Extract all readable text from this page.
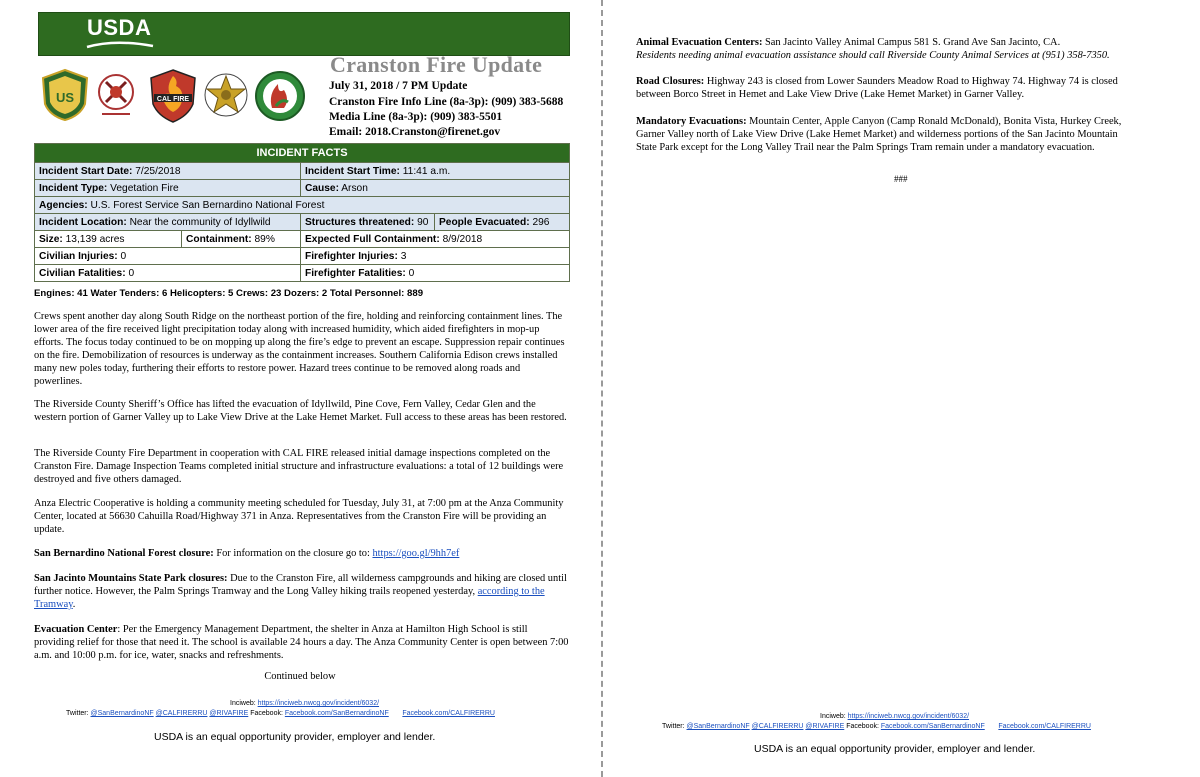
USDA
US	CAL FIRE
Cranston Fire Update
July 31, 2018 / 7 PM Update
Cranston Fire Info Line (8a-3p): (909) 383-5688
Media Line (8a-3p): (909) 383-5501
Email: 2018.Cranston@firenet.gov
INCIDENT FACTS			
Incident Start Date: 7/25/2018		Incident Start Time: 11:41 a.m.	
Incident Type: Vegetation Fire		Cause: Arson	
Agencies: U.S. Forest Service San Bernardino National Forest			
Incident Location: Near the community of Idyllwild		Structures threatened: 90	People Evacuated: 296
Size: 13,139 acres	Containment: 89%	Expected Full Containment: 8/9/2018	
Civilian Injuries: 0		Firefighter Injuries: 3	
Civilian Fatalities: 0		Firefighter Fatalities: 0	
Engines: 41 Water Tenders: 6 Helicopters: 5 Crews: 23 Dozers: 2 Total Personnel: 889

Crews spent another day along South Ridge on the northeast portion of the fire, holding and reinforcing containment lines. The lower area of the fire received light precipitation today along with increased humidity, which aided firefighters in mop-up efforts. The focus today continued to be on mopping up along the fire’s edge to prevent an escape. Suppression repair continues on the fire. Demobilization of resources is underway as the containment increases. Southern California Edison crews installed many new poles today, furthering their efforts to restore power. Hazard trees continue to be removed along roads and powerlines.

The Riverside County Sheriff’s Office has lifted the evacuation of Idyllwild, Pine Cove, Fern Valley, Cedar Glen and the western portion of Garner Valley up to Lake View Drive at the Lake Hemet Market. Full access to these areas has been restored.

The Riverside County Fire Department in cooperation with CAL FIRE released initial damage inspections completed on the Cranston Fire. Damage Inspection Teams completed initial structure and infrastructure evaluations: a total of 12 buildings were destroyed and five others damaged.

Anza Electric Cooperative is holding a community meeting scheduled for Tuesday, July 31, at 7:00 pm at the Anza Community Center, located at 56630 Cahuilla Road/Highway 371 in Anza. Representatives from the Cranston Fire will be providing an update.

San Bernardino National Forest closure: For information on the closure go to: https://goo.gl/9hh7ef

San Jacinto Mountains State Park closures: Due to the Cranston Fire, all wilderness campgrounds and hiking are closed until further notice. However, the Palm Springs Tramway and the Long Valley hiking trails reopened yesterday, according to the Tramway.

Evacuation Center: Per the Emergency Management Department, the shelter in Anza at Hamilton High School is still providing relief for those that need it. The school is available 24 hours a day. The Anza Community Center is open between 7:00 a.m. and 10:00 p.m. for ice, water, snacks and refreshments.

Continued below
Inciweb: https://inciweb.nwcg.gov/incident/6032/
Twitter: @SanBernardinoNF @CALFIRERRU @RIVAFIRE Facebook: Facebook.com/SanBernardinoNF Facebook.com/CALFIRERRU
USDA is an equal opportunity provider, employer and lender.

Animal Evacuation Centers: San Jacinto Valley Animal Campus 581 S. Grand Ave San Jacinto, CA.
Residents needing animal evacuation assistance should call Riverside County Animal Services at (951) 358-7350.

Road Closures: Highway 243 is closed from Lower Saunders Meadow Road to Highway 74. Highway 74 is closed between Borco Street in Hemet and Lake View Drive (Lake Hemet Market) in Garner Valley.

Mandatory Evacuations: Mountain Center, Apple Canyon (Camp Ronald McDonald), Bonita Vista, Hurkey Creek, Garner Valley north of Lake View Drive (Lake Hemet Market) and wilderness portions of the San Jacinto Mountain State Park except for the Long Valley Trail near the Palm Springs Tram remain under a mandatory evacuation.

###
Inciweb: https://inciweb.nwcg.gov/incident/6032/
Twitter: @SanBernardinoNF @CALFIRERRU @RIVAFIRE Facebook: Facebook.com/SanBernardinoNF Facebook.com/CALFIRERRU
USDA is an equal opportunity provider, employer and lender.
